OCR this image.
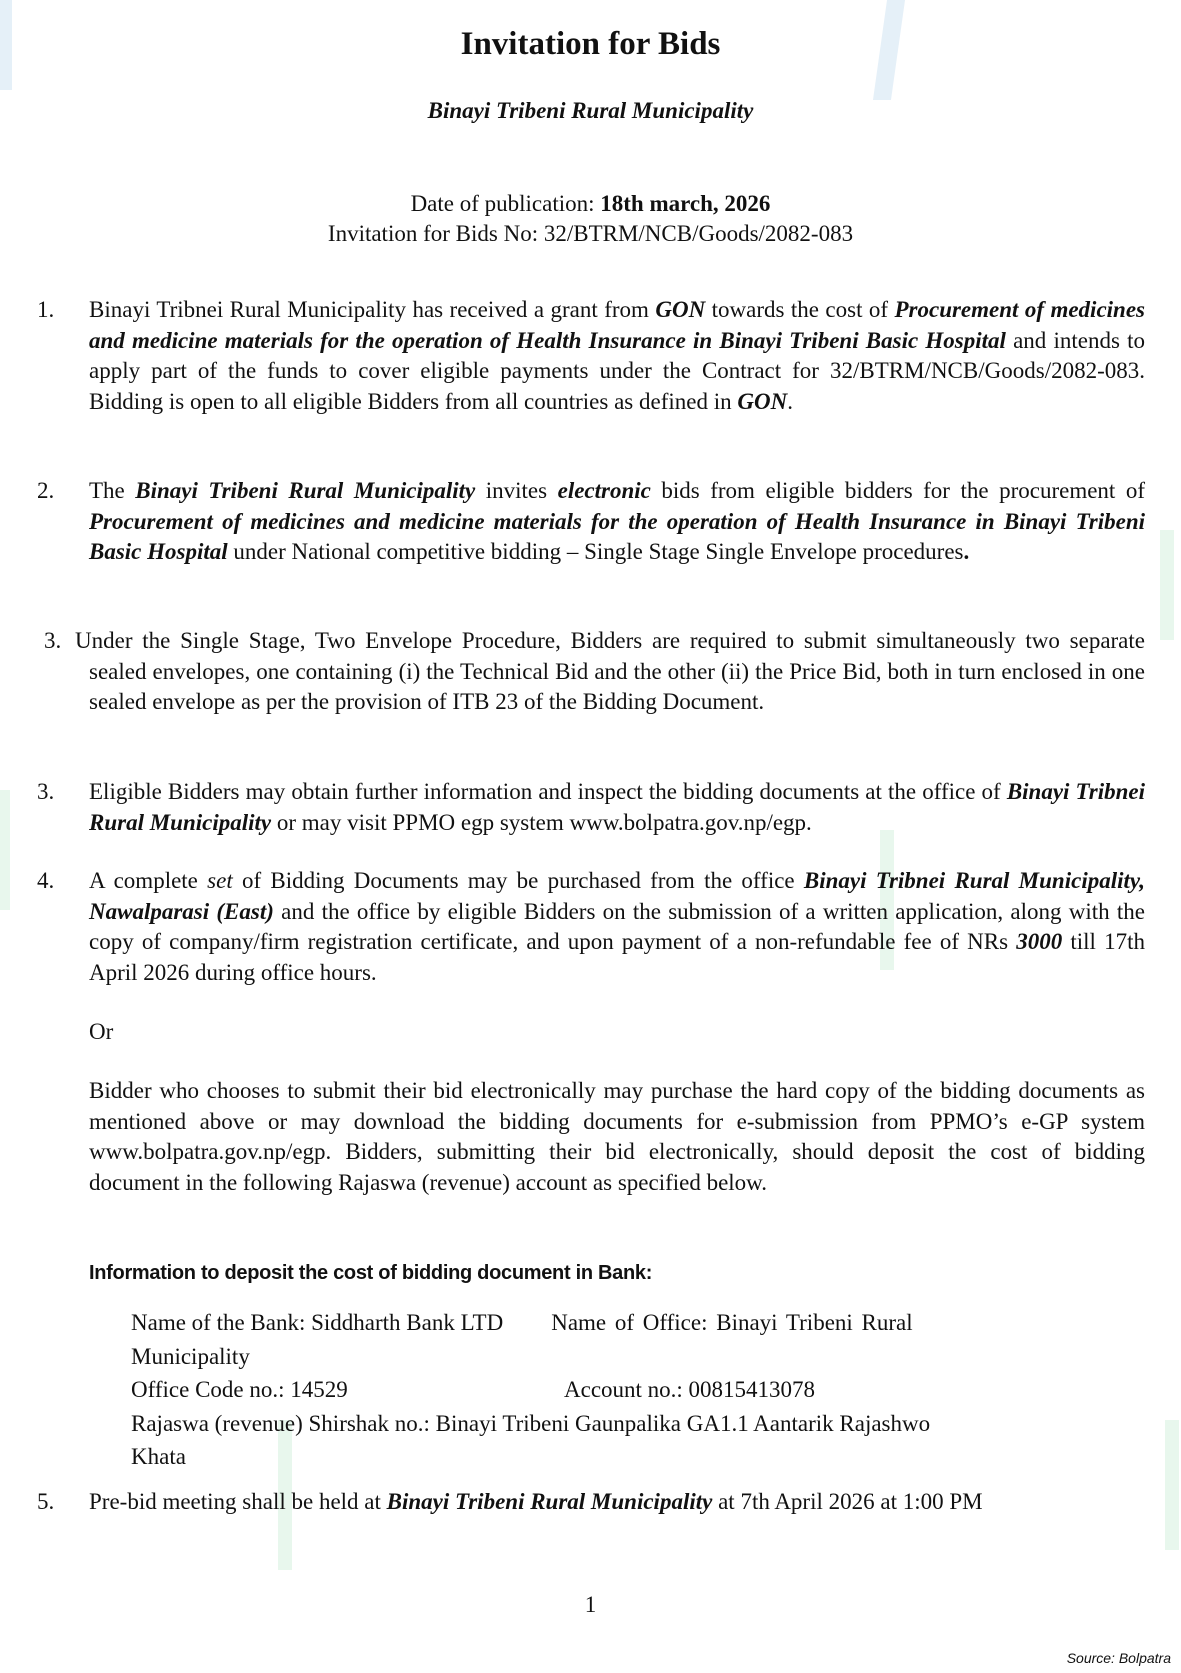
Invitation for Bids
Binayi Tribeni Rural Municipality
Date of publication: 18th march, 2026
Invitation for Bids No: 32/BTRM/NCB/Goods/2082-083
1. Binayi Tribnei Rural Municipality has received a grant from GON towards the cost of Procurement of medicines and medicine materials for the operation of Health Insurance in Binayi Tribeni Basic Hospital and intends to apply part of the funds to cover eligible payments under the Contract for 32/BTRM/NCB/Goods/2082-083. Bidding is open to all eligible Bidders from all countries as defined in GON.
2. The Binayi Tribeni Rural Municipality invites electronic bids from eligible bidders for the procurement of Procurement of medicines and medicine materials for the operation of Health Insurance in Binayi Tribeni Basic Hospital under National competitive bidding – Single Stage Single Envelope procedures.
3. Under the Single Stage, Two Envelope Procedure, Bidders are required to submit simultaneously two separate sealed envelopes, one containing (i) the Technical Bid and the other (ii) the Price Bid, both in turn enclosed in one sealed envelope as per the provision of ITB 23 of the Bidding Document.
3. Eligible Bidders may obtain further information and inspect the bidding documents at the office of Binayi Tribnei Rural Municipality or may visit PPMO egp system www.bolpatra.gov.np/egp.
4. A complete set of Bidding Documents may be purchased from the office Binayi Tribnei Rural Municipality, Nawalparasi (East) and the office by eligible Bidders on the submission of a written application, along with the copy of company/firm registration certificate, and upon payment of a non-refundable fee of NRs 3000 till 17th April 2026 during office hours.
Or
Bidder who chooses to submit their bid electronically may purchase the hard copy of the bidding documents as mentioned above or may download the bidding documents for e-submission from PPMO’s e-GP system www.bolpatra.gov.np/egp. Bidders, submitting their bid electronically, should deposit the cost of bidding document in the following Rajaswa (revenue) account as specified below.
Information to deposit the cost of bidding document in Bank:
Name of the Bank: Siddharth Bank LTD Name of Office: Binayi Tribeni Rural
Municipality
Office Code no.: 14529	Account no.: 00815413078
Rajaswa (revenue) Shirshak no.: Binayi Tribeni Gaunpalika GA1.1 Aantarik Rajashwo
Khata
5. Pre-bid meeting shall be held at Binayi Tribeni Rural Municipality at 7th April 2026 at 1:00 PM
1
Source: Bolpatra
